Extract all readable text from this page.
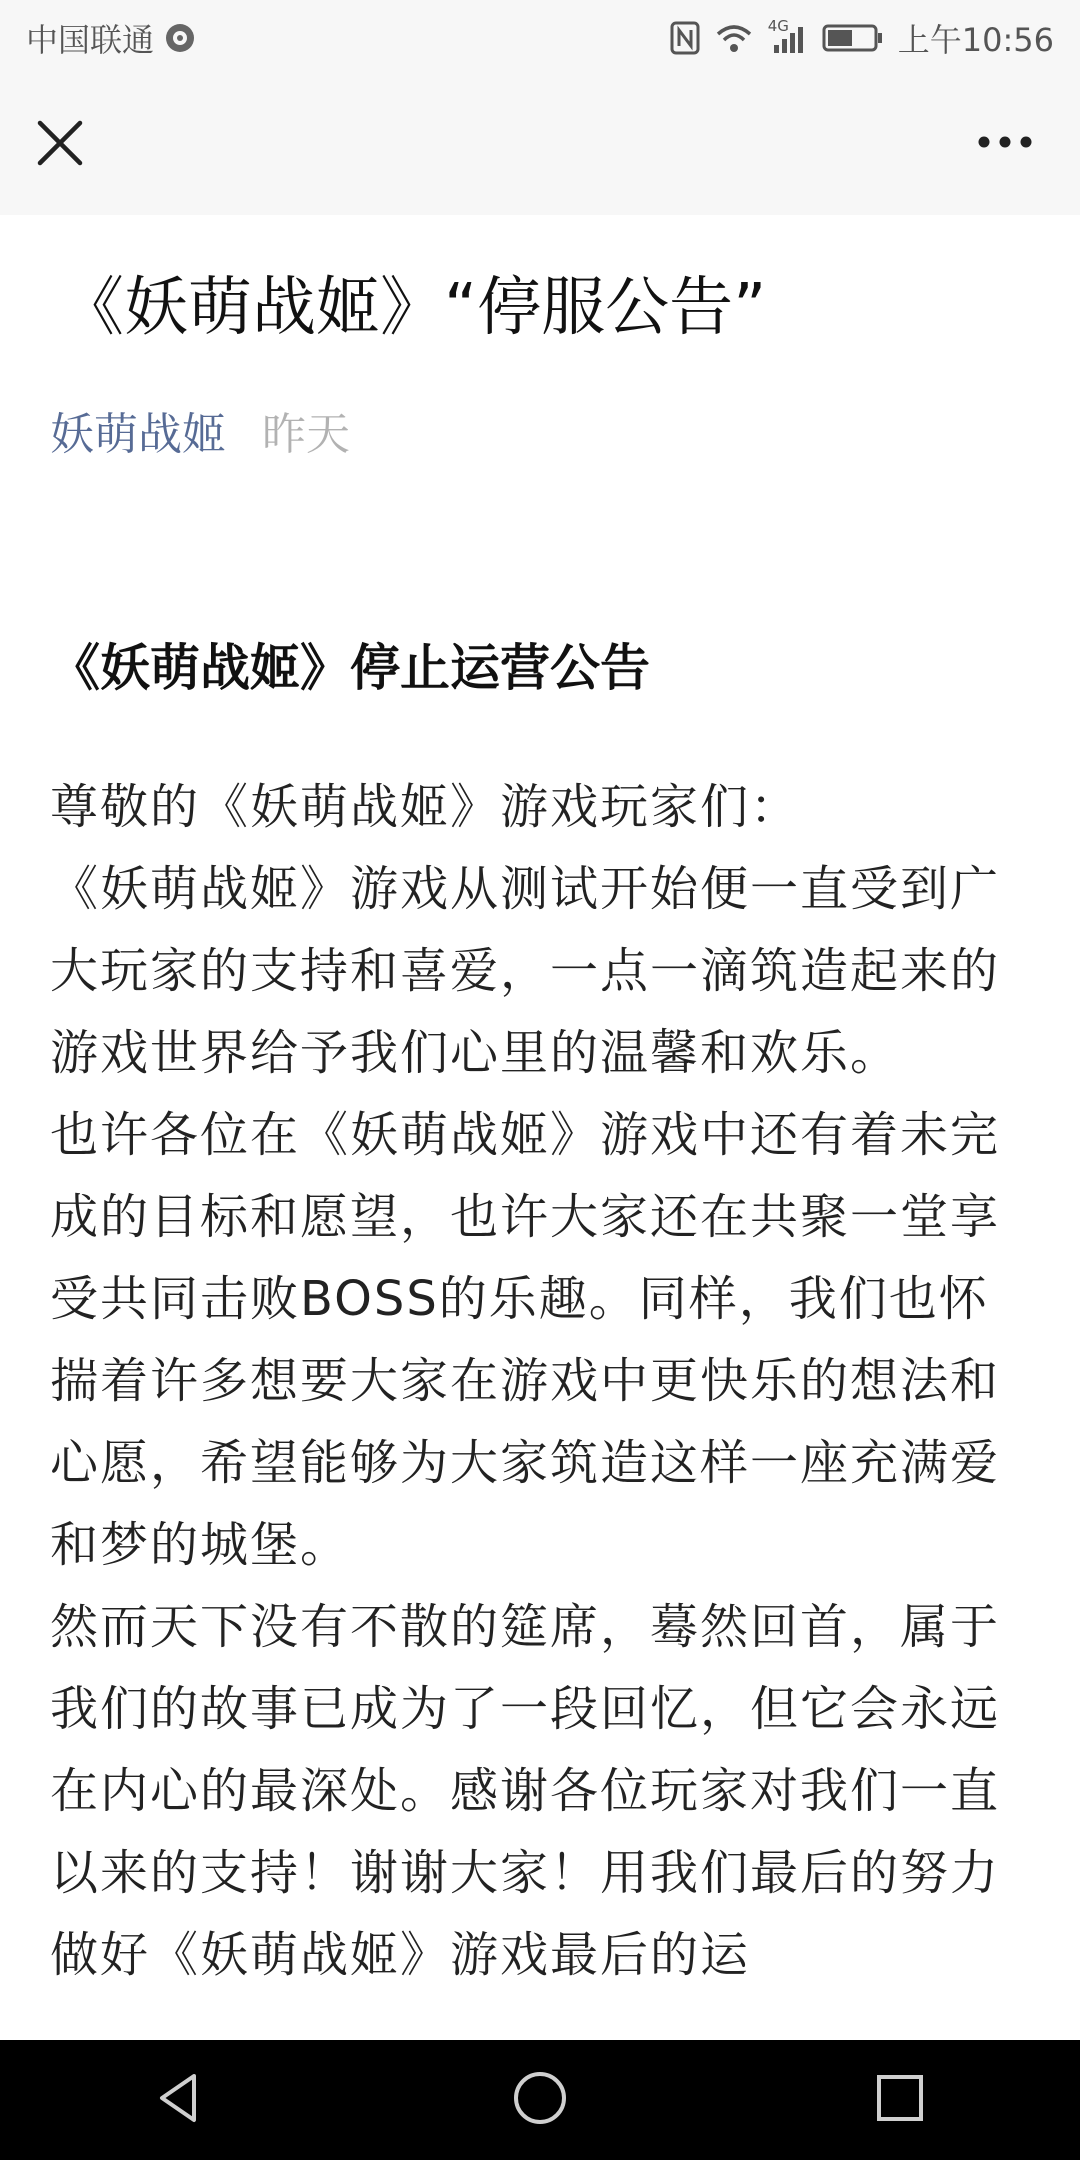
中国联通	4G	上午10:56
《妖萌战姬》“停服公告”
妖萌战姬 昨天
《妖萌战姬》停止运营公告

尊敬的《妖萌战姬》游戏玩家们：

《妖萌战姬》游戏从测试开始便一直受到广大玩家的支持和喜爱，一点一滴筑造起来的游戏世界给予我们心里的温馨和欢乐。

也许各位在《妖萌战姬》游戏中还有着未完成的目标和愿望，也许大家还在共聚一堂享受共同击败BOSS的乐趣。同样，我们也怀揣着许多想要大家在游戏中更快乐的想法和心愿，希望能够为大家筑造这样一座充满爱和梦的城堡。

然而天下没有不散的筵席，蓦然回首，属于我们的故事已成为了一段回忆，但它会永远在内心的最深处。感谢各位玩家对我们一直以来的支持！谢谢大家！用我们最后的努力做好《妖萌战姬》游戏最后的运
